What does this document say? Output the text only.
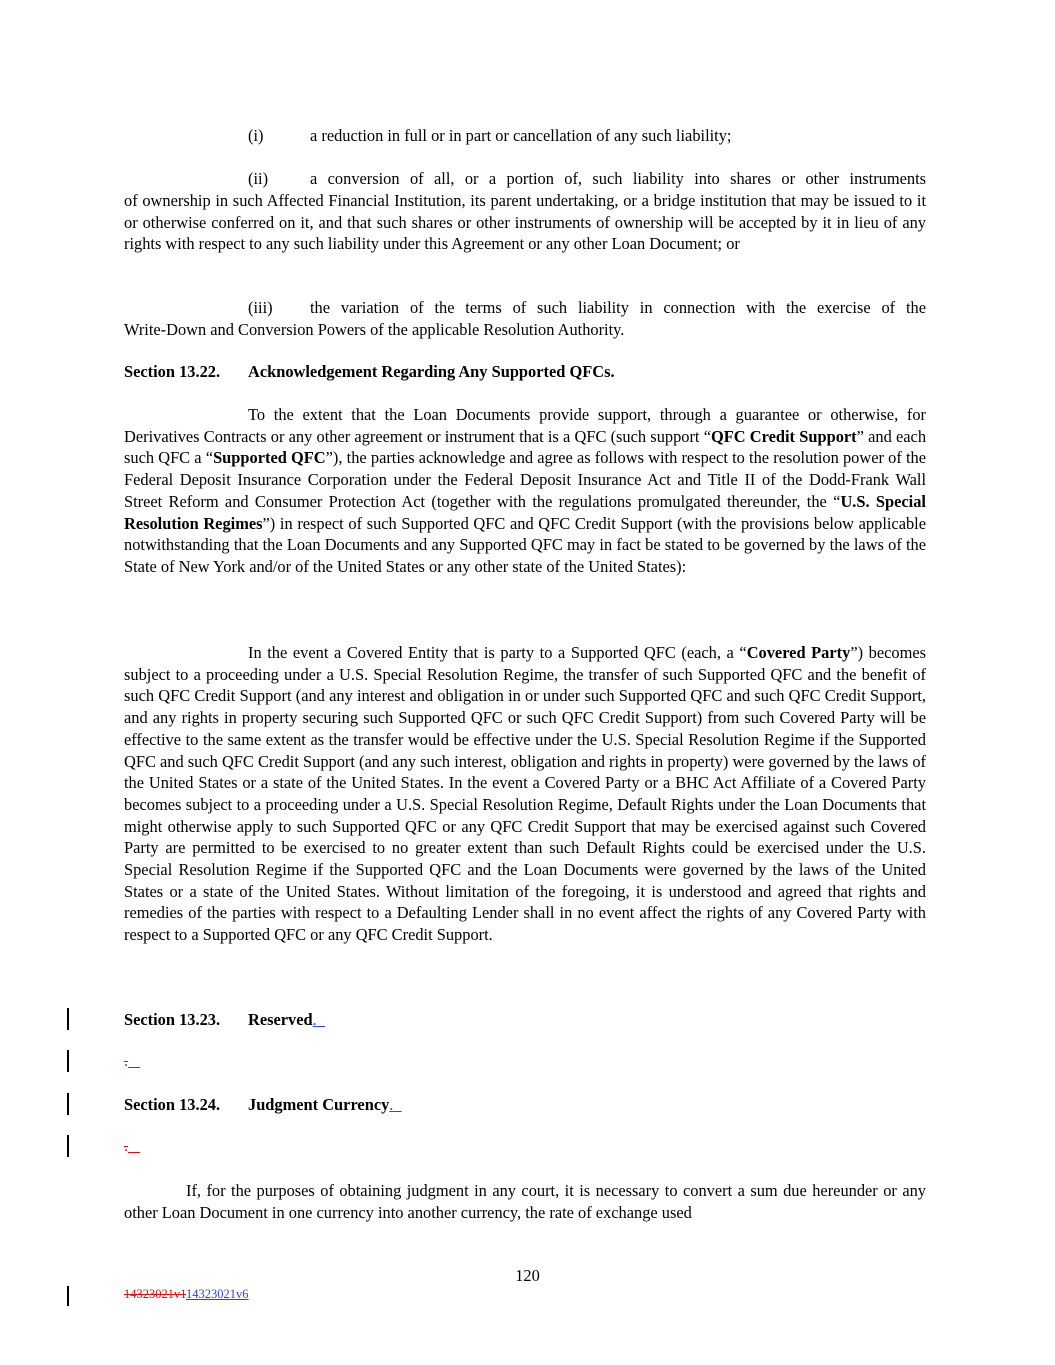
(i)	a reduction in full or in part or cancellation of any such liability;
(ii)	a conversion of all, or a portion of, such liability into shares or other instruments
of ownership in such Affected Financial Institution, its parent undertaking, or a bridge institution that may be issued to it or otherwise conferred on it, and that such shares or other instruments of ownership will be accepted by it in lieu of any rights with respect to any such liability under this Agreement or any other Loan Document; or
(iii) the variation of the terms of such liability in connection with the exercise of the
Write-Down and Conversion Powers of the applicable Resolution Authority.
Section 13.22. Acknowledgement Regarding Any Supported QFCs.
To the extent that the Loan Documents provide support, through a guarantee or otherwise, for Derivatives Contracts or any other agreement or instrument that is a QFC (such support “QFC Credit Support” and each such QFC a “Supported QFC”), the parties acknowledge and agree as follows with respect to the resolution power of the Federal Deposit Insurance Corporation under the Federal Deposit Insurance Act and Title II of the Dodd-Frank Wall Street Reform and Consumer Protection Act (together with the regulations promulgated thereunder, the “U.S. Special Resolution Regimes”) in respect of such Supported QFC and QFC Credit Support (with the provisions below applicable notwithstanding that the Loan Documents and any Supported QFC may in fact be stated to be governed by the laws of the State of New York and/or of the United States or any other state of the United States):
In the event a Covered Entity that is party to a Supported QFC (each, a “Covered Party”) becomes subject to a proceeding under a U.S. Special Resolution Regime, the transfer of such Supported QFC and the benefit of such QFC Credit Support (and any interest and obligation in or under such Supported QFC and such QFC Credit Support, and any rights in property securing such Supported QFC or such QFC Credit Support) from such Covered Party will be effective to the same extent as the transfer would be effective under the U.S. Special Resolution Regime if the Supported QFC and such QFC Credit Support (and any such interest, obligation and rights in property) were governed by the laws of the United States or a state of the United States. In the event a Covered Party or a BHC Act Affiliate of a Covered Party becomes subject to a proceeding under a U.S. Special Resolution Regime, Default Rights under the Loan Documents that might otherwise apply to such Supported QFC or any QFC Credit Support that may be exercised against such Covered Party are permitted to be exercised to no greater extent than such Default Rights could be exercised under the U.S. Special Resolution Regime if the Supported QFC and the Loan Documents were governed by the laws of the United States or a state of the United States. Without limitation of the foregoing, it is understood and agreed that rights and remedies of the parties with respect to a Defaulting Lender shall in no event affect the rights of any Covered Party with respect to a Supported QFC or any QFC Credit Support.
Section 13.23. Reserved.
.
Section 13.24. Judgment Currency.
.
If, for the purposes of obtaining judgment in any court, it is necessary to convert a sum due hereunder or any other Loan Document in one currency into another currency, the rate of exchange used
120
14323021v114323021v6
